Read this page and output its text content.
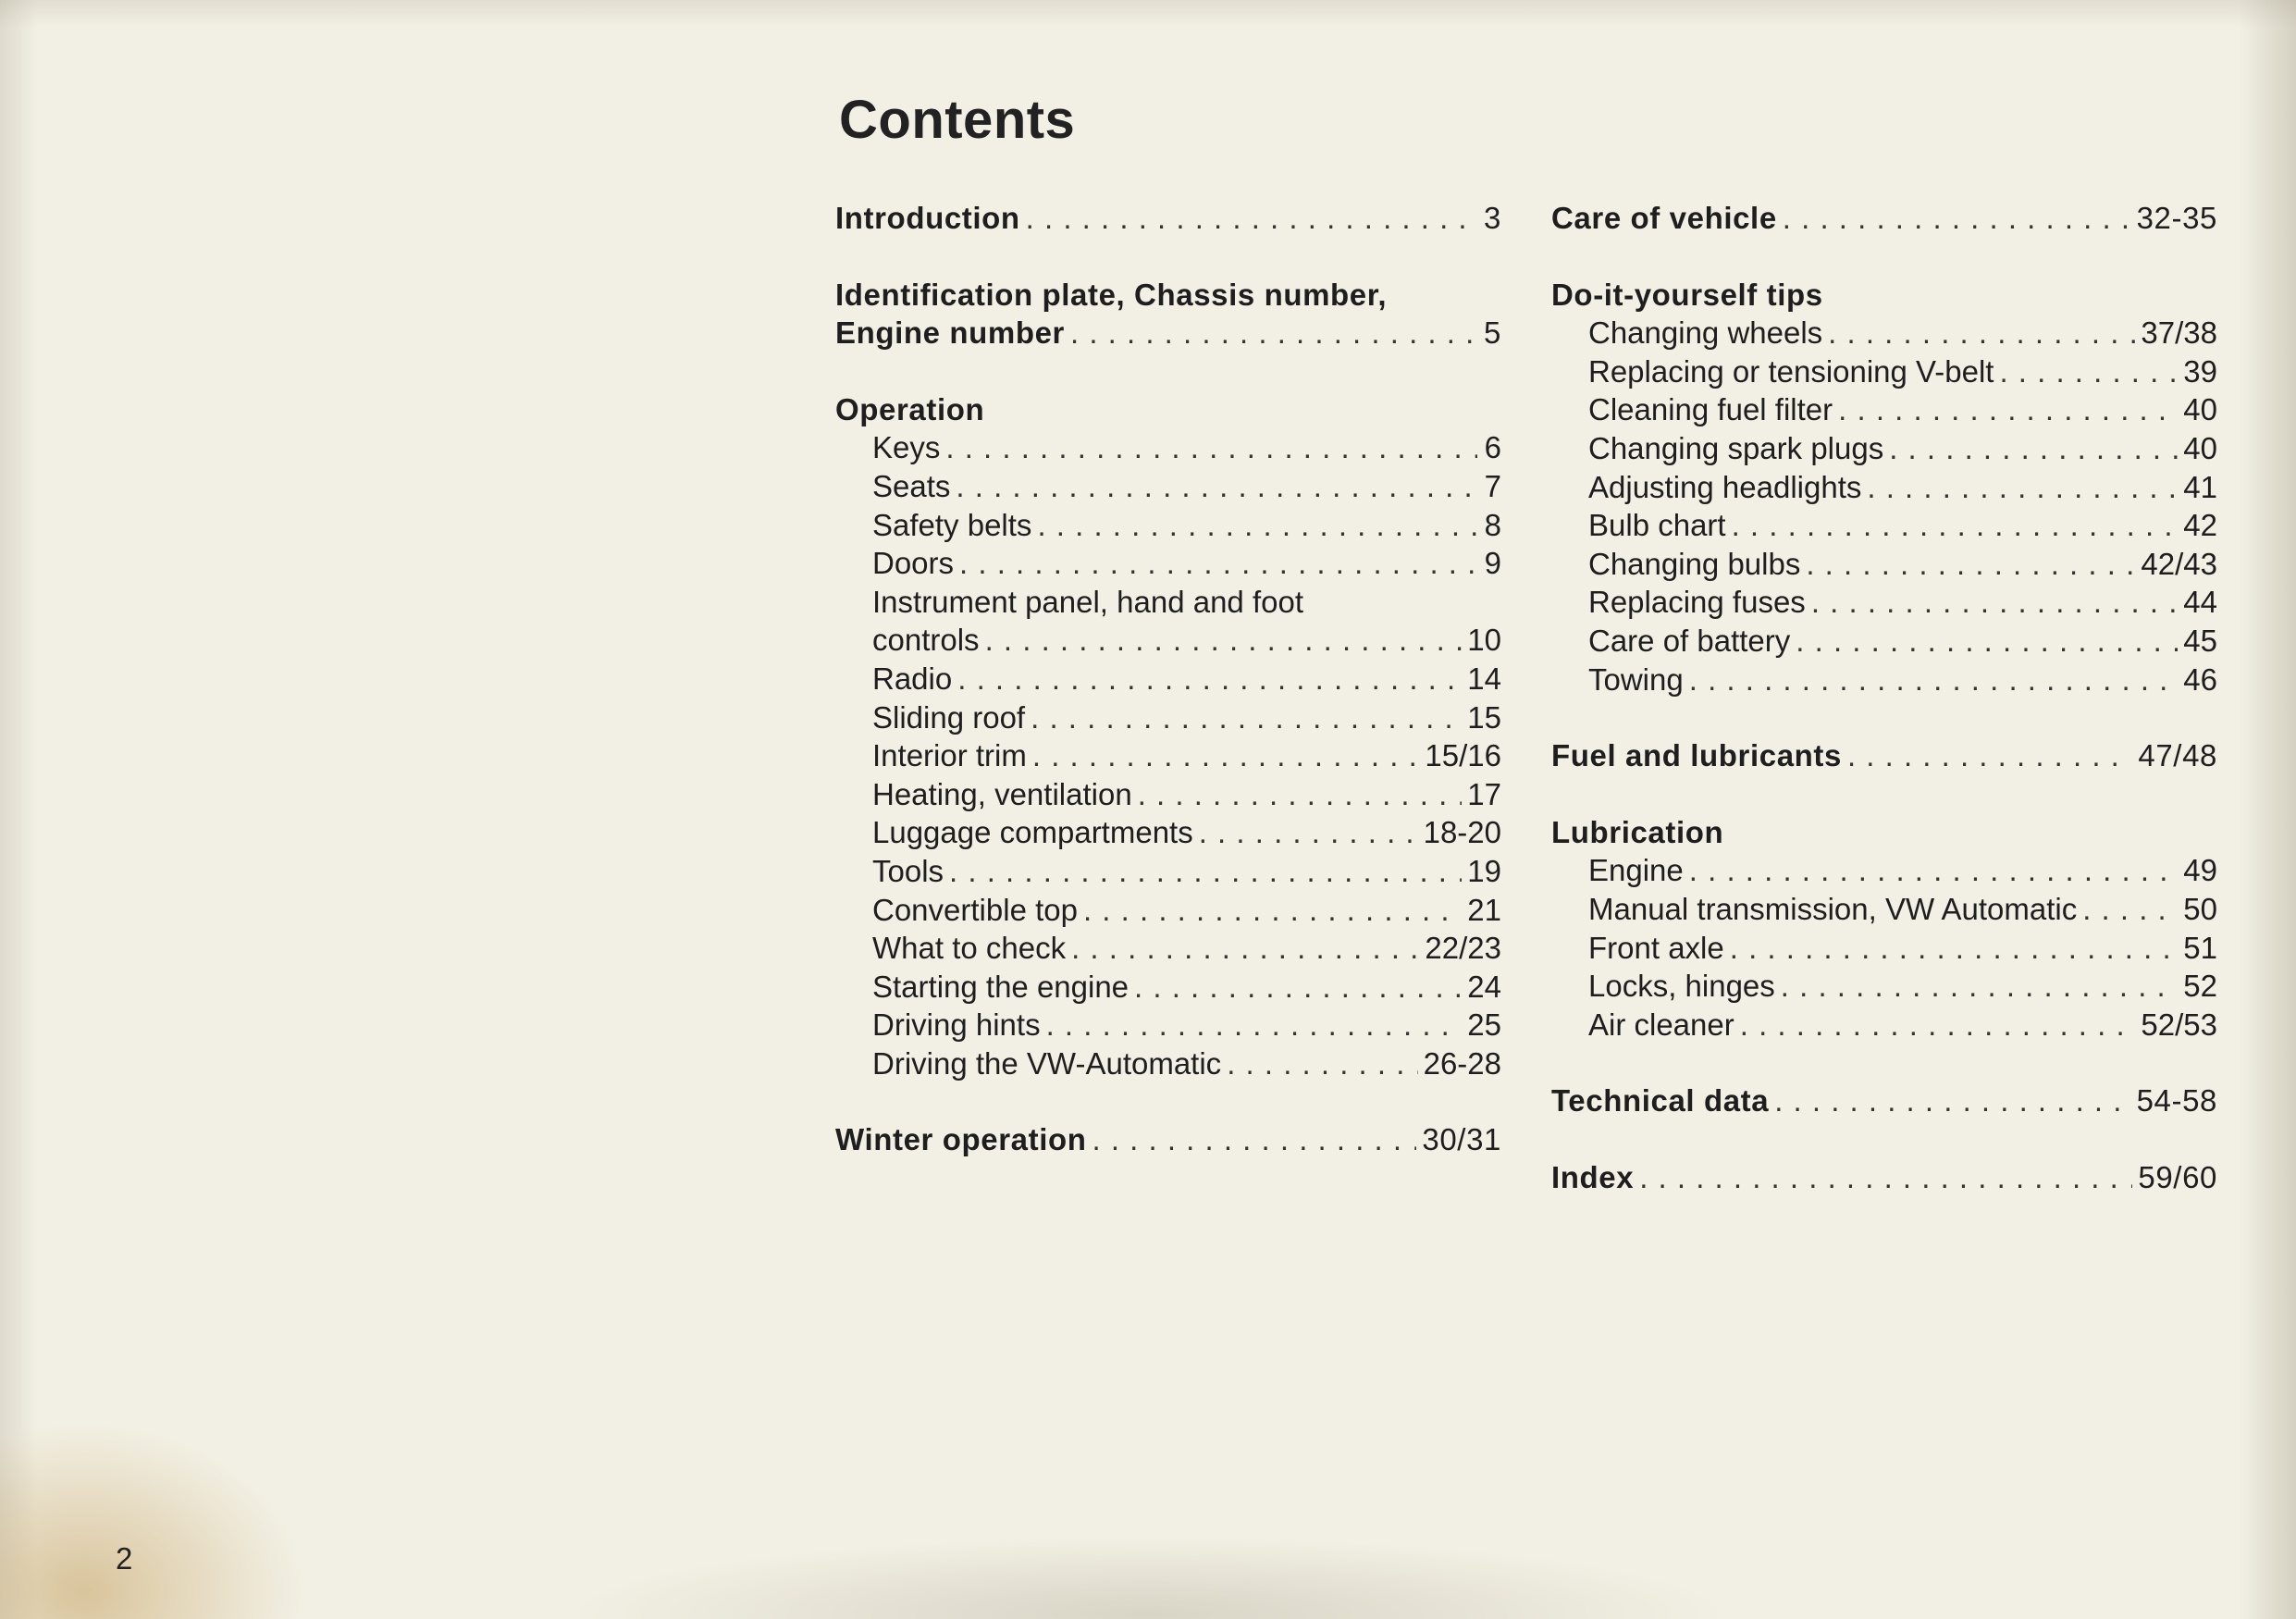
Contents
Introduction . . .	3
Identification plate, Chassis number,
Engine number . . .	5
Operation
Keys . . .	6
Seats . . .	7
Safety belts . . .	8
Doors . . .	9
Instrument panel, hand and foot
controls . . .	10
Radio . . .	14
Sliding roof . . .	15
Interior trim . . .	15/16
Heating, ventilation . . .	17
Luggage compartments . . .	18-20
Tools . . .	19
Convertible top . . .	21
What to check . . .	22/23
Starting the engine . . .	24
Driving hints . . .	25
Driving the VW-Automatic . . .	26-28
Winter operation . . .	30/31
Care of vehicle . . .	32-35
Do-it-yourself tips
Changing wheels . . .	37/38
Replacing or tensioning V-belt . . .	39
Cleaning fuel filter . . .	40
Changing spark plugs . . .	40
Adjusting headlights . . .	41
Bulb chart . . .	42
Changing bulbs . . .	42/43
Replacing fuses . . .	44
Care of battery . . .	45
Towing . . .	46
Fuel and lubricants . . .	47/48
Lubrication
Engine . . .	49
Manual transmission, VW Automatic . . .	50
Front axle . . .	51
Locks, hinges . . .	52
Air cleaner . . .	52/53
Technical data . . .	54-58
Index . . .	59/60
2
